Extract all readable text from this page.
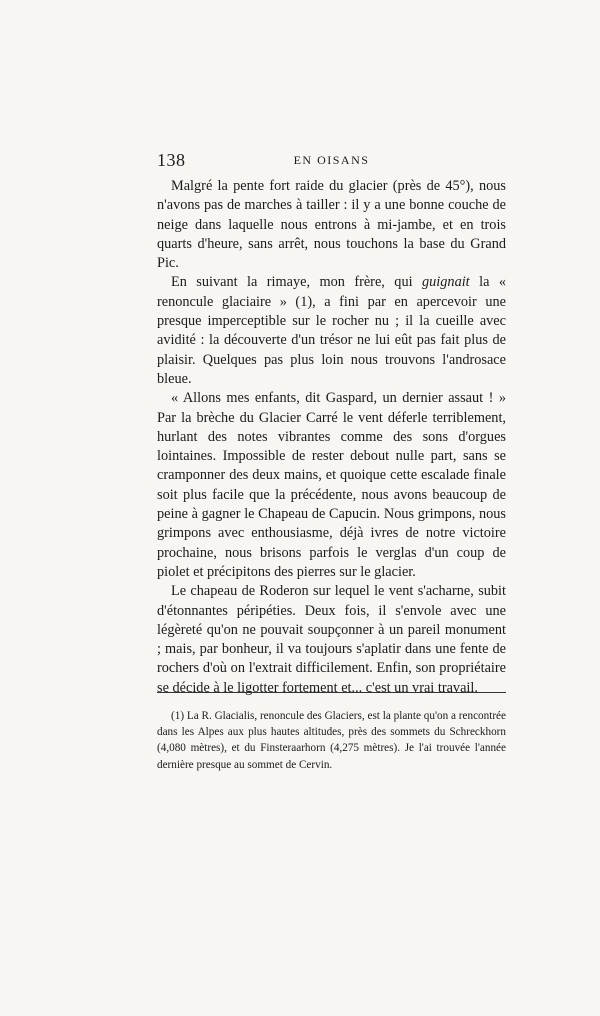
138	EN OISANS

Malgré la pente fort raide du glacier (près de 45°), nous n'avons pas de marches à tailler : il y a une bonne couche de neige dans laquelle nous entrons à mi-jambe, et en trois quarts d'heure, sans arrêt, nous touchons la base du Grand Pic.

En suivant la rimaye, mon frère, qui guignait la « renoncule glaciaire » (1), a fini par en apercevoir une presque imperceptible sur le rocher nu ; il la cueille avec avidité : la découverte d'un trésor ne lui eût pas fait plus de plaisir. Quelques pas plus loin nous trouvons l'androsace bleue.

« Allons mes enfants, dit Gaspard, un dernier assaut ! » Par la brèche du Glacier Carré le vent déferle terriblement, hurlant des notes vibrantes comme des sons d'orgues lointaines. Impossible de rester debout nulle part, sans se cramponner des deux mains, et quoique cette escalade finale soit plus facile que la précédente, nous avons beaucoup de peine à gagner le Chapeau de Capucin. Nous grimpons, nous grimpons avec enthousiasme, déjà ivres de notre victoire prochaine, nous brisons parfois le verglas d'un coup de piolet et précipitons des pierres sur le glacier.

Le chapeau de Roderon sur lequel le vent s'acharne, subit d'étonnantes péripéties. Deux fois, il s'envole avec une légèreté qu'on ne pouvait soupçonner à un pareil monument ; mais, par bonheur, il va toujours s'aplatir dans une fente de rochers d'où on l'extrait difficilement. Enfin, son propriétaire se décide à le ligotter fortement et... c'est un vrai travail.

(1) La R. Glacialis, renoncule des Glaciers, est la plante qu'on a rencontrée dans les Alpes aux plus hautes altitudes, près des sommets du Schreckhorn (4,080 mètres), et du Finsteraarhorn (4,275 mètres). Je l'ai trouvée l'année dernière presque au sommet de Cervin.
